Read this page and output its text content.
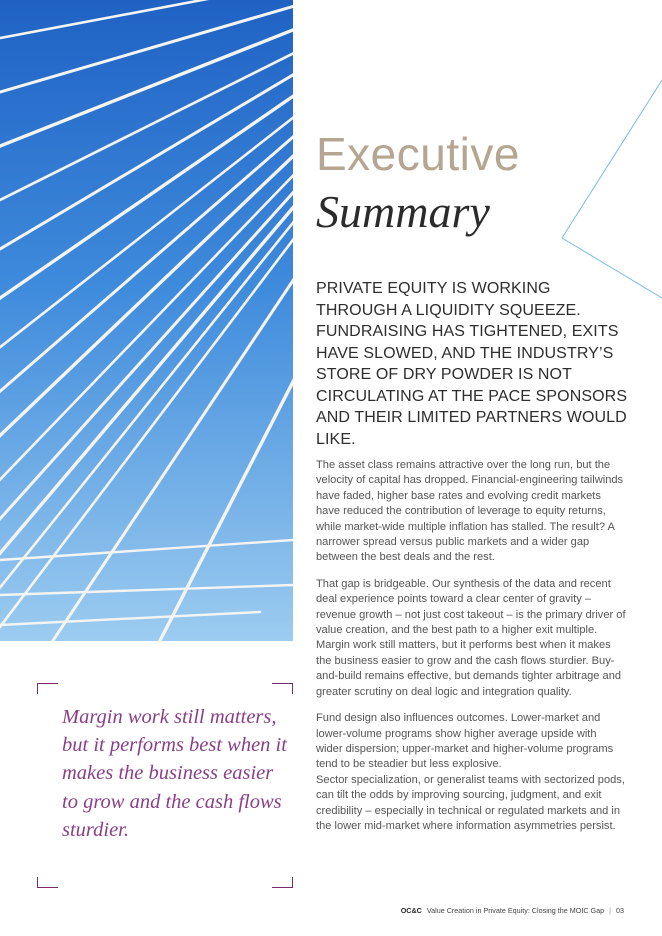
Executive
Summary
PRIVATE EQUITY IS WORKING THROUGH A LIQUIDITY SQUEEZE. FUNDRAISING HAS TIGHTENED, EXITS HAVE SLOWED, AND THE INDUSTRY’S STORE OF DRY POWDER IS NOT CIRCULATING AT THE PACE SPONSORS AND THEIR LIMITED PARTNERS WOULD LIKE.

The asset class remains attractive over the long run, but the velocity of capital has dropped. Financial-engineering tailwinds have faded, higher base rates and evolving credit markets have reduced the contribution of leverage to equity returns, while market-wide multiple inflation has stalled. The result? A narrower spread versus public markets and a wider gap between the best deals and the rest.

That gap is bridgeable. Our synthesis of the data and recent deal experience points toward a clear center of gravity – revenue growth – not just cost takeout – is the primary driver of value creation, and the best path to a higher exit multiple. Margin work still matters, but it performs best when it makes the business easier to grow and the cash flows sturdier. Buy-and-build remains effective, but demands tighter arbitrage and greater scrutiny on deal logic and integration quality.

Fund design also influences outcomes. Lower-market and lower-volume programs show higher average upside with wider dispersion; upper-market and higher-volume programs tend to be steadier but less explosive.

Sector specialization, or generalist teams with sectorized pods, can tilt the odds by improving sourcing, judgment, and exit credibility – especially in technical or regulated markets and in the lower mid-market where information asymmetries persist.

Margin work still matters, but it performs best when it makes the business easier to grow and the cash flows sturdier.
OC&C Value Creation in Private Equity: Closing the MOIC Gap | 03
